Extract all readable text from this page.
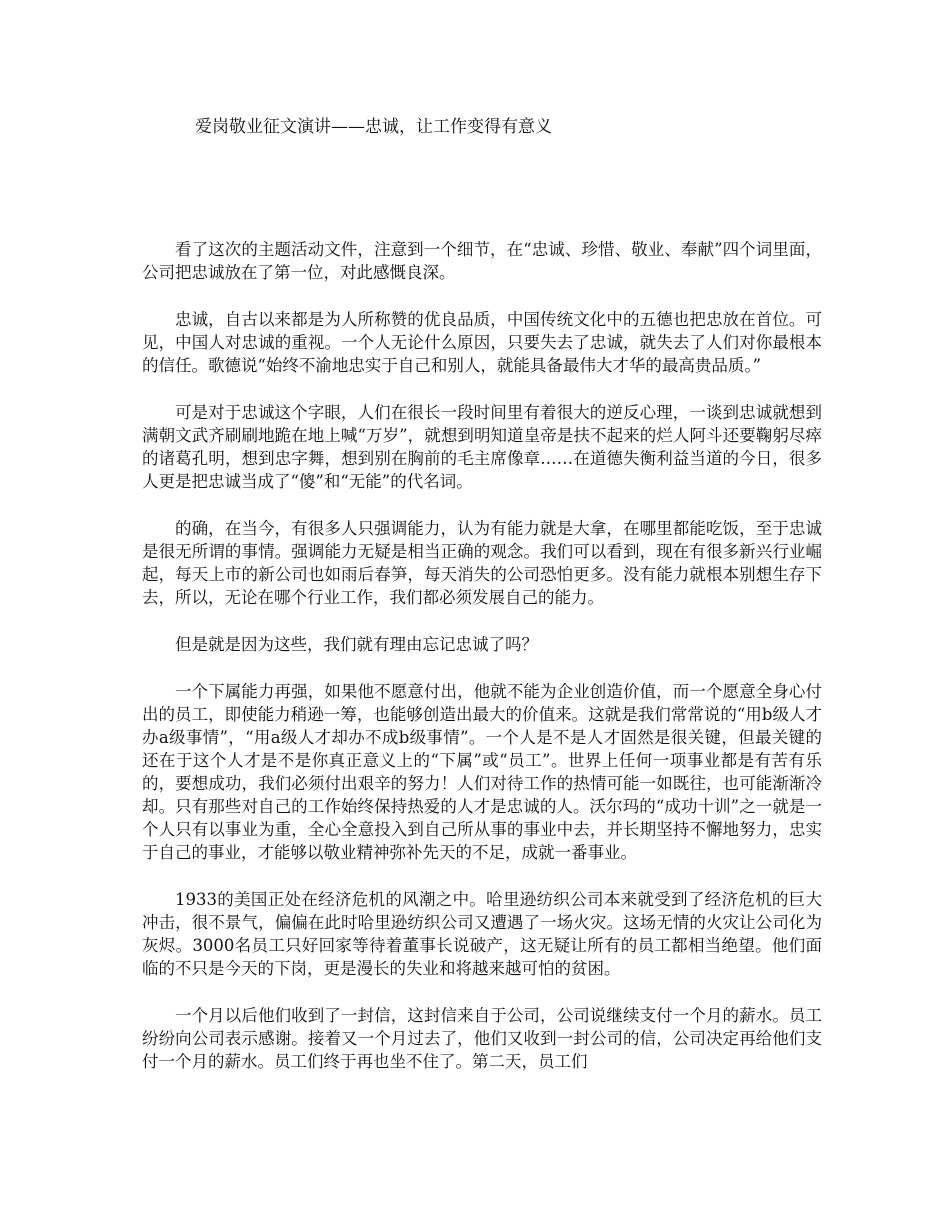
爱岗敬业征文演讲——忠诚，让工作变得有意义

看了这次的主题活动文件，注意到一个细节，在“忠诚、珍惜、敬业、奉献”四个词里面，公司把忠诚放在了第一位，对此感慨良深。

忠诚，自古以来都是为人所称赞的优良品质，中国传统文化中的五德也把忠放在首位。可见，中国人对忠诚的重视。一个人无论什么原因，只要失去了忠诚，就失去了人们对你最根本的信任。歌德说“始终不渝地忠实于自己和别人，就能具备最伟大才华的最高贵品质。”

可是对于忠诚这个字眼，人们在很长一段时间里有着很大的逆反心理，一谈到忠诚就想到满朝文武齐刷刷地跪在地上喊“万岁”，就想到明知道皇帝是扶不起来的烂人阿斗还要鞠躬尽瘁的诸葛孔明，想到忠字舞，想到别在胸前的毛主席像章……在道德失衡利益当道的今日，很多人更是把忠诚当成了“傻”和“无能”的代名词。

的确，在当今，有很多人只强调能力，认为有能力就是大拿，在哪里都能吃饭，至于忠诚是很无所谓的事情。强调能力无疑是相当正确的观念。我们可以看到，现在有很多新兴行业崛起，每天上市的新公司也如雨后春笋，每天消失的公司恐怕更多。没有能力就根本别想生存下去，所以，无论在哪个行业工作，我们都必须发展自己的能力。

但是就是因为这些，我们就有理由忘记忠诚了吗？

一个下属能力再强，如果他不愿意付出，他就不能为企业创造价值，而一个愿意全身心付出的员工，即使能力稍逊一筹，也能够创造出最大的价值来。这就是我们常常说的“用b级人才办a级事情”，“用a级人才却办不成b级事情”。一个人是不是人才固然是很关键，但最关键的还在于这个人才是不是你真正意义上的“下属”或“员工”。世界上任何一项事业都是有苦有乐的，要想成功，我们必须付出艰辛的努力！人们对待工作的热情可能一如既往，也可能渐渐冷却。只有那些对自己的工作始终保持热爱的人才是忠诚的人。沃尔玛的“成功十训”之一就是一个人只有以事业为重，全心全意投入到自己所从事的事业中去，并长期坚持不懈地努力，忠实于自己的事业，才能够以敬业精神弥补先天的不足，成就一番事业。

1933的美国正处在经济危机的风潮之中。哈里逊纺织公司本来就受到了经济危机的巨大冲击，很不景气，偏偏在此时哈里逊纺织公司又遭遇了一场火灾。这场无情的火灾让公司化为灰烬。3000名员工只好回家等待着董事长说破产，这无疑让所有的员工都相当绝望。他们面临的不只是今天的下岗，更是漫长的失业和将越来越可怕的贫困。

一个月以后他们收到了一封信，这封信来自于公司，公司说继续支付一个月的薪水。员工纷纷向公司表示感谢。接着又一个月过去了，他们又收到一封公司的信，公司决定再给他们支付一个月的薪水。员工们终于再也坐不住了。第二天，员工们
